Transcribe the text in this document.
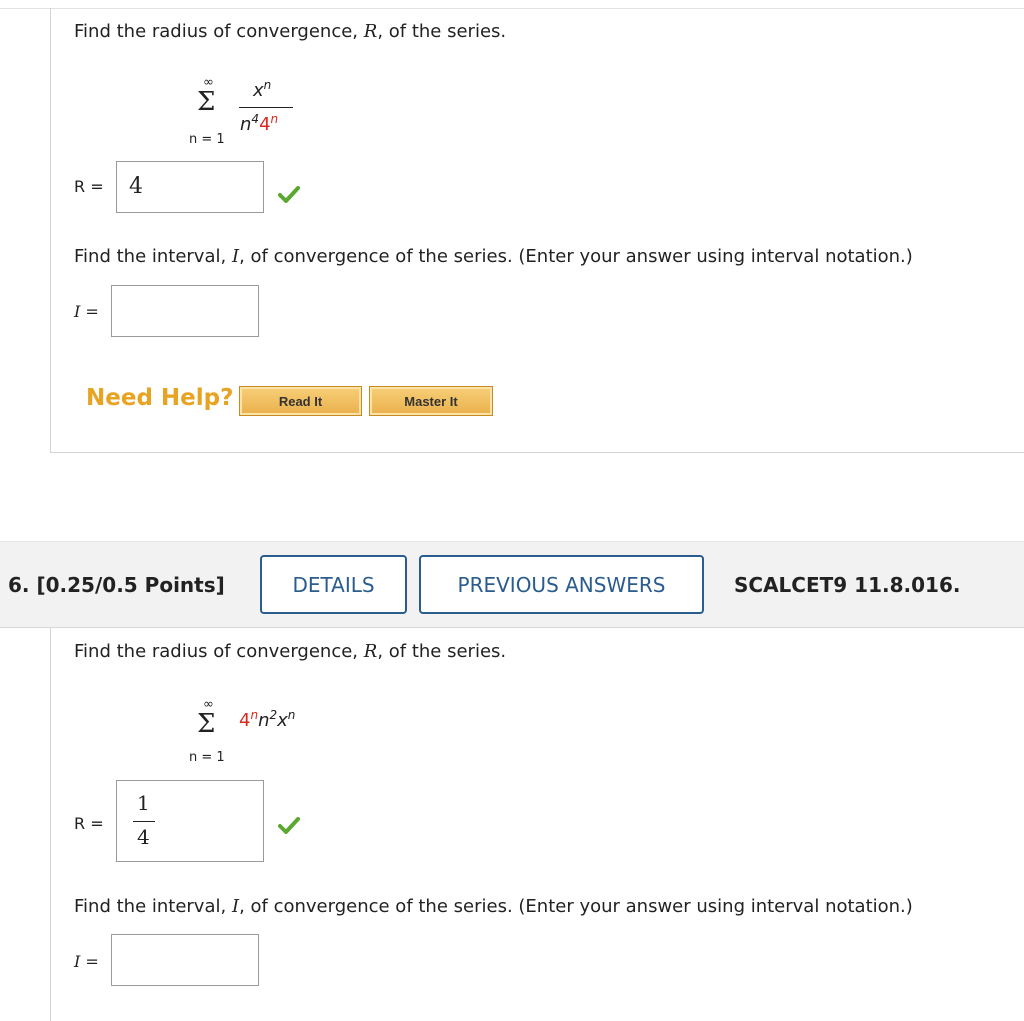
Find the radius of convergence, R, of the series.
∞
Σ
n = 1
$x^n$
$n^44^n$
R = 4
Find the interval, I, of convergence of the series. (Enter your answer using interval notation.)
I =
Need Help?	Read It	Master It
6. [0.25/0.5 Points]	DETAILS	PREVIOUS ANSWERS	SCALCET9 11.8.016.
Find the radius of convergence, R, of the series.
∞
Σ
n = 1
$4^nn^2x^n$
R =
1
4
Find the interval, I, of convergence of the series. (Enter your answer using interval notation.)
I =
